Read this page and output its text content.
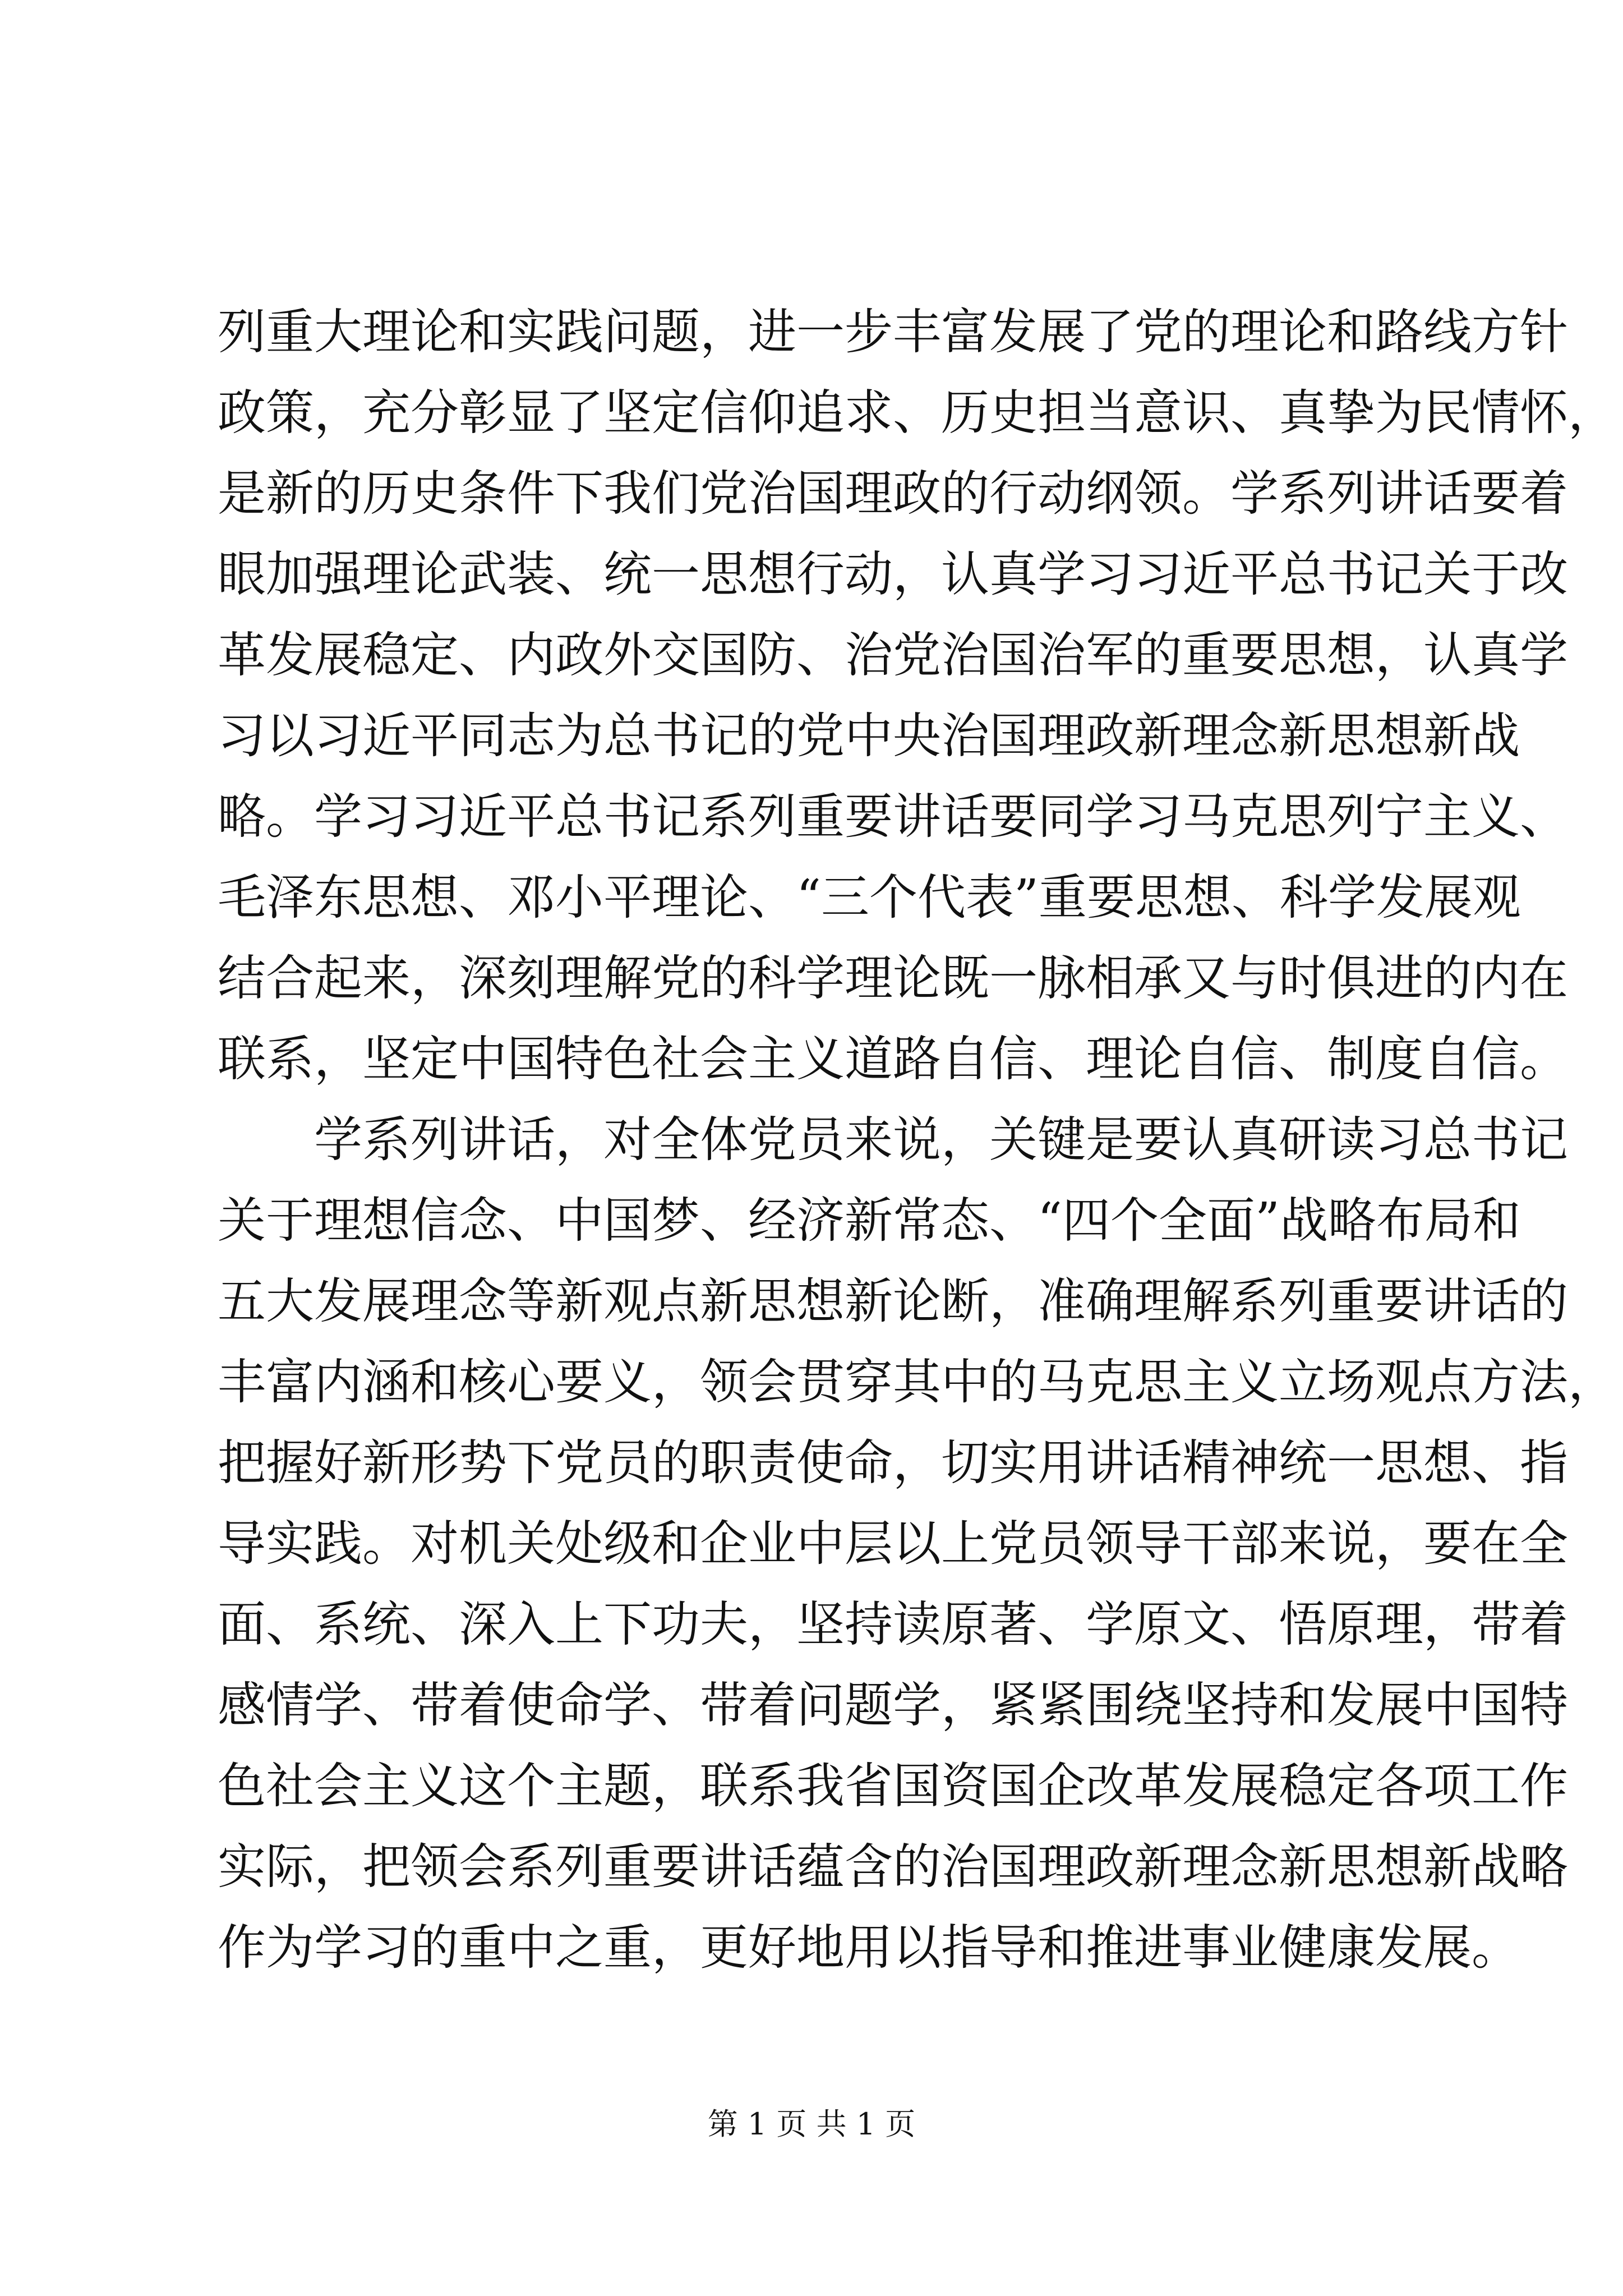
列重大理论和实践问题，进一步丰富发展了党的理论和路线方针
政策，充分彰显了坚定信仰追求、历史担当意识、真挚为民情怀，
是新的历史条件下我们党治国理政的行动纲领。学系列讲话要着
眼加强理论武装、统一思想行动，认真学习习近平总书记关于改
革发展稳定、内政外交国防、治党治国治军的重要思想，认真学
习以习近平同志为总书记的党中央治国理政新理念新思想新战
略。学习习近平总书记系列重要讲话要同学习马克思列宁主义、
毛泽东思想、邓小平理论、“三个代表”重要思想、科学发展观
结合起来，深刻理解党的科学理论既一脉相承又与时俱进的内在
联系，坚定中国特色社会主义道路自信、理论自信、制度自信。
学系列讲话，对全体党员来说，关键是要认真研读习总书记
关于理想信念、中国梦、经济新常态、“四个全面”战略布局和
五大发展理念等新观点新思想新论断，准确理解系列重要讲话的
丰富内涵和核心要义，领会贯穿其中的马克思主义立场观点方法，
把握好新形势下党员的职责使命，切实用讲话精神统一思想、指
导实践。对机关处级和企业中层以上党员领导干部来说，要在全
面、系统、深入上下功夫，坚持读原著、学原文、悟原理，带着
感情学、带着使命学、带着问题学，紧紧围绕坚持和发展中国特
色社会主义这个主题，联系我省国资国企改革发展稳定各项工作
实际，把领会系列重要讲话蕴含的治国理政新理念新思想新战略
作为学习的重中之重，更好地用以指导和推进事业健康发展。
第 1 页 共 1 页
